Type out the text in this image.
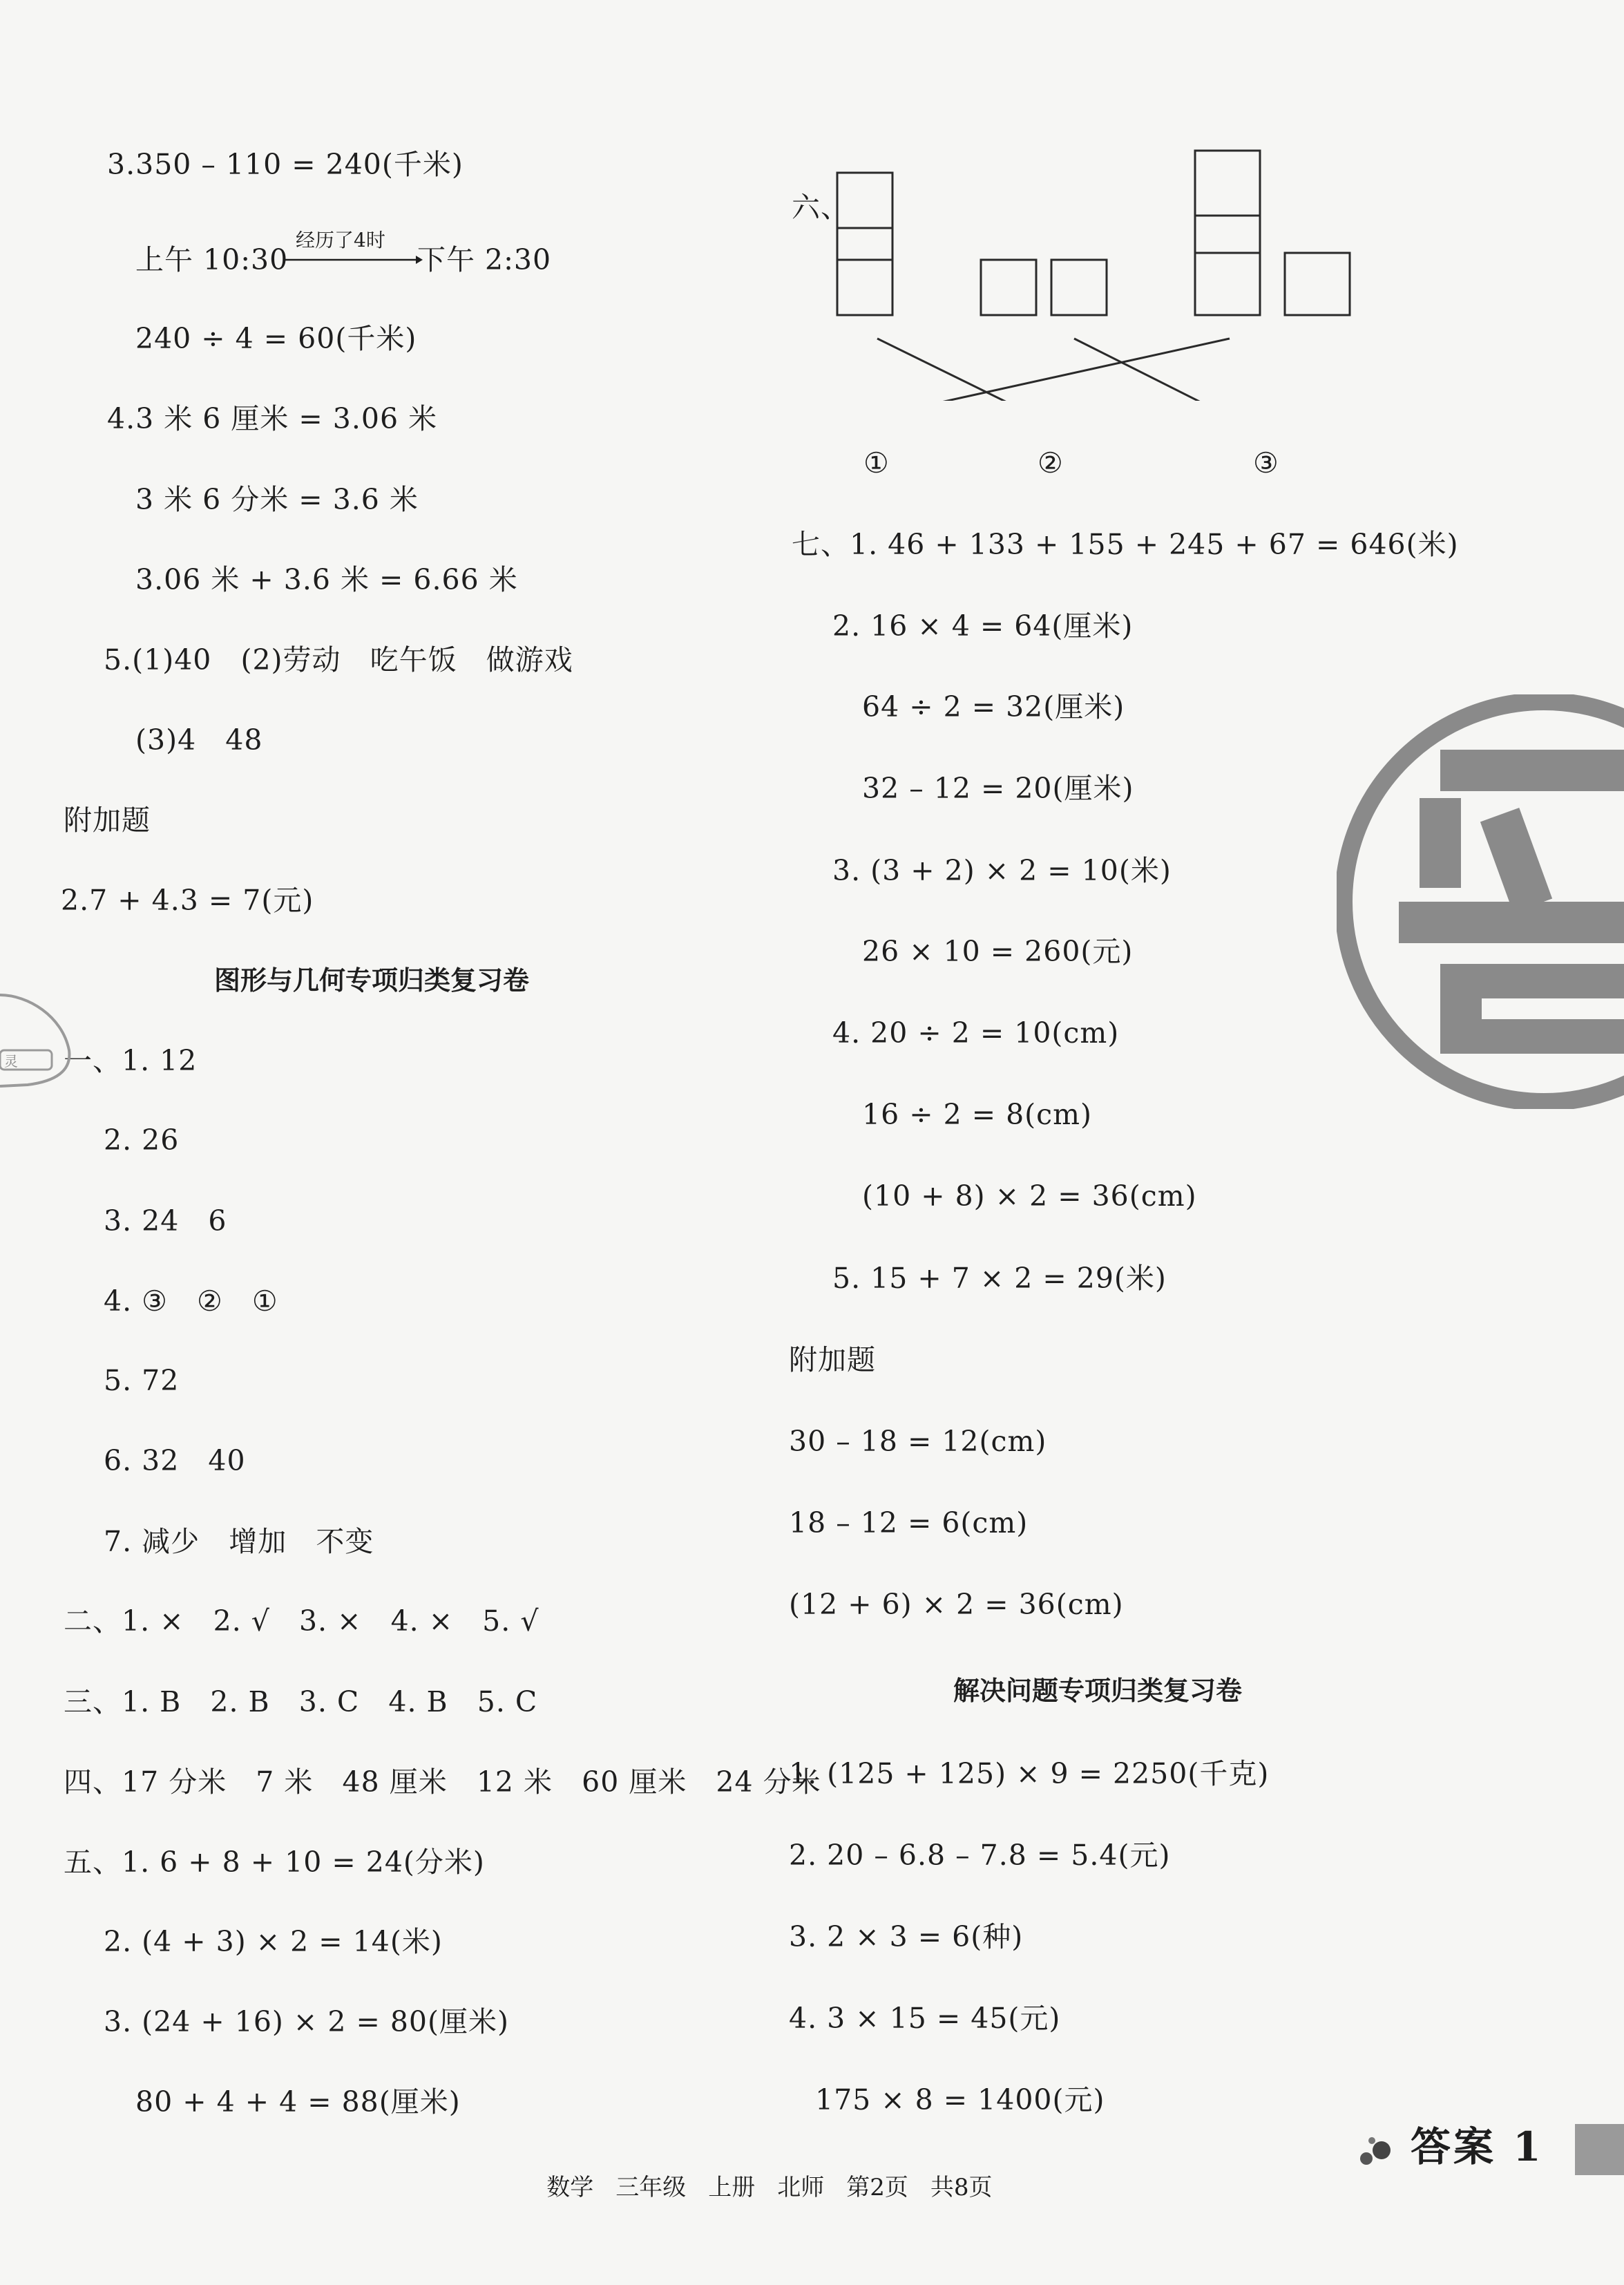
3.350 – 110 = 240(千米)
上午 10:30
经历了4时
下午 2:30
240 ÷ 4 = 60(千米)
4.3 米 6 厘米 = 3.06 米
3 米 6 分米 = 3.6 米
3.06 米 + 3.6 米 = 6.66 米
5.(1)40   (2)劳动   吃午饭   做游戏
(3)4   48
附加题
2.7 + 4.3 = 7(元)
图形与几何专项归类复习卷
一、1. 12
2. 26
3. 24   6
4. ③   ②   ①
5. 72
6. 32   40
7. 减少   增加   不变
二、1. ×   2. √   3. ×   4. ×   5. √
三、1. B   2. B   3. C   4. B   5. C
四、17 分米   7 米   48 厘米   12 米   60 厘米   24 分米
五、1. 6 + 8 + 10 = 24(分米)
2. (4 + 3) × 2 = 14(米)
3. (24 + 16) × 2 = 80(厘米)
80 + 4 + 4 = 88(厘米)
灵
六、
①	②	③
七、1. 46 + 133 + 155 + 245 + 67 = 646(米)
2. 16 × 4 = 64(厘米)
64 ÷ 2 = 32(厘米)
32 – 12 = 20(厘米)
3. (3 + 2) × 2 = 10(米)
26 × 10 = 260(元)
4. 20 ÷ 2 = 10(cm)
16 ÷ 2 = 8(cm)
(10 + 8) × 2 = 36(cm)
5. 15 + 7 × 2 = 29(米)
附加题
30 – 18 = 12(cm)
18 – 12 = 6(cm)
(12 + 6) × 2 = 36(cm)
解决问题专项归类复习卷
1. (125 + 125) × 9 = 2250(千克)
2. 20 – 6.8 – 7.8 = 5.4(元)
3. 2 × 3 = 6(种)
4. 3 × 15 = 45(元)
175 × 8 = 1400(元)

数学 三年级 上册 北师 第2页 共8页

答案 1
